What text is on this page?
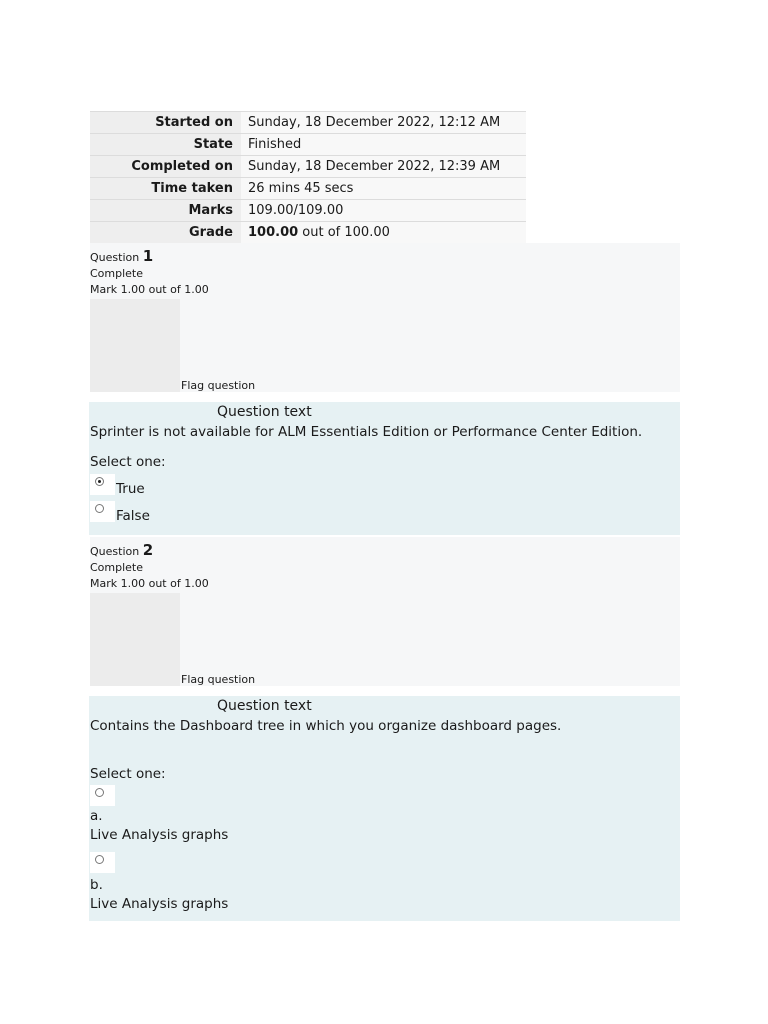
Started on	Sunday, 18 December 2022, 12:12 AM
State	Finished
Completed on	Sunday, 18 December 2022, 12:39 AM
Time taken	26 mins 45 secs
Marks	109.00/109.00
Grade	100.00 out of 100.00
Question 1
Complete
Mark 1.00 out of 1.00
Flag question
Question text
Sprinter is not available for ALM Essentials Edition or Performance Center Edition.
Select one:
True
False
Question 2
Complete
Mark 1.00 out of 1.00
Flag question
Question text
Contains the Dashboard tree in which you organize dashboard pages.
Select one:
a.
Live Analysis graphs
b.
Live Analysis graphs
